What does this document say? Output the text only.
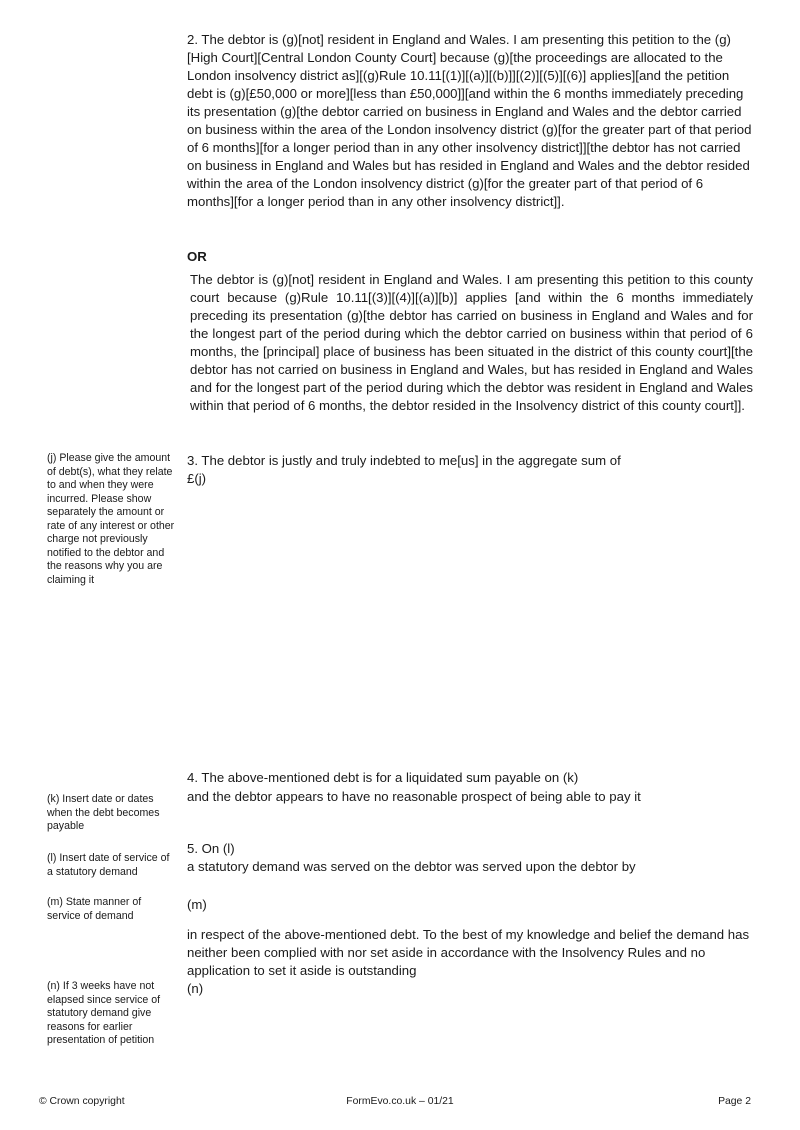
2. The debtor is (g)[not] resident in England and Wales. I am presenting this petition to the (g)[High Court][Central London County Court] because (g)[the proceedings are allocated to the London insolvency district as][(g)Rule 10.11[(1)][(a)][(b)]][(2)][(5)][(6)] applies][and the petition debt is (g)[£50,000 or more][less than £50,000]][and within the 6 months immediately preceding its presentation (g)[the debtor carried on business in England and Wales and the debtor carried on business within the area of the London insolvency district (g)[for the greater part of that period of 6 months][for a longer period than in any other insolvency district]][the debtor has not carried on business in England and Wales but has resided in England and Wales and the debtor resided within the area of the London insolvency district (g)[for the greater part of that period of 6 months][for a longer period than in any other insolvency district]].
OR
The debtor is (g)[not] resident in England and Wales. I am presenting this petition to this county court because (g)Rule 10.11[(3)][(4)][(a)][b)] applies [and within the 6 months immediately preceding its presentation (g)[the debtor has carried on business in England and Wales and for the longest part of the period during which the debtor carried on business within that period of 6 months, the [principal] place of business has been situated in the district of this county court][the debtor has not carried on business in England and Wales, but has resided in England and Wales and for the longest part of the period during which the debtor was resident in England and Wales within that period of 6 months, the debtor resided in the Insolvency district of this county court]].
(j) Please give the amount of debt(s), what they relate to and when they were incurred. Please show separately the amount or rate of any interest or other charge not previously notified to the debtor and the reasons why you are claiming it
3. The debtor is justly and truly indebted to me[us] in the aggregate sum of
£(j)
(k) Insert date or dates when the debt becomes payable
4. The above-mentioned debt is for a liquidated sum payable on (k)
and the debtor appears to have no reasonable prospect of being able to pay it
(l) Insert date of service of a statutory demand
(m) State manner of service of demand
(n) If 3 weeks have not elapsed since service of statutory demand give reasons for earlier presentation of petition
5. On (l)
a statutory demand was served on the debtor was served upon the debtor by
(m)
in respect of the above-mentioned debt. To the best of my knowledge and belief the demand has neither been complied with nor set aside in accordance with the Insolvency Rules and no application to set it aside is outstanding
(n)
© Crown copyright	FormEvo.co.uk – 01/21	Page 2
